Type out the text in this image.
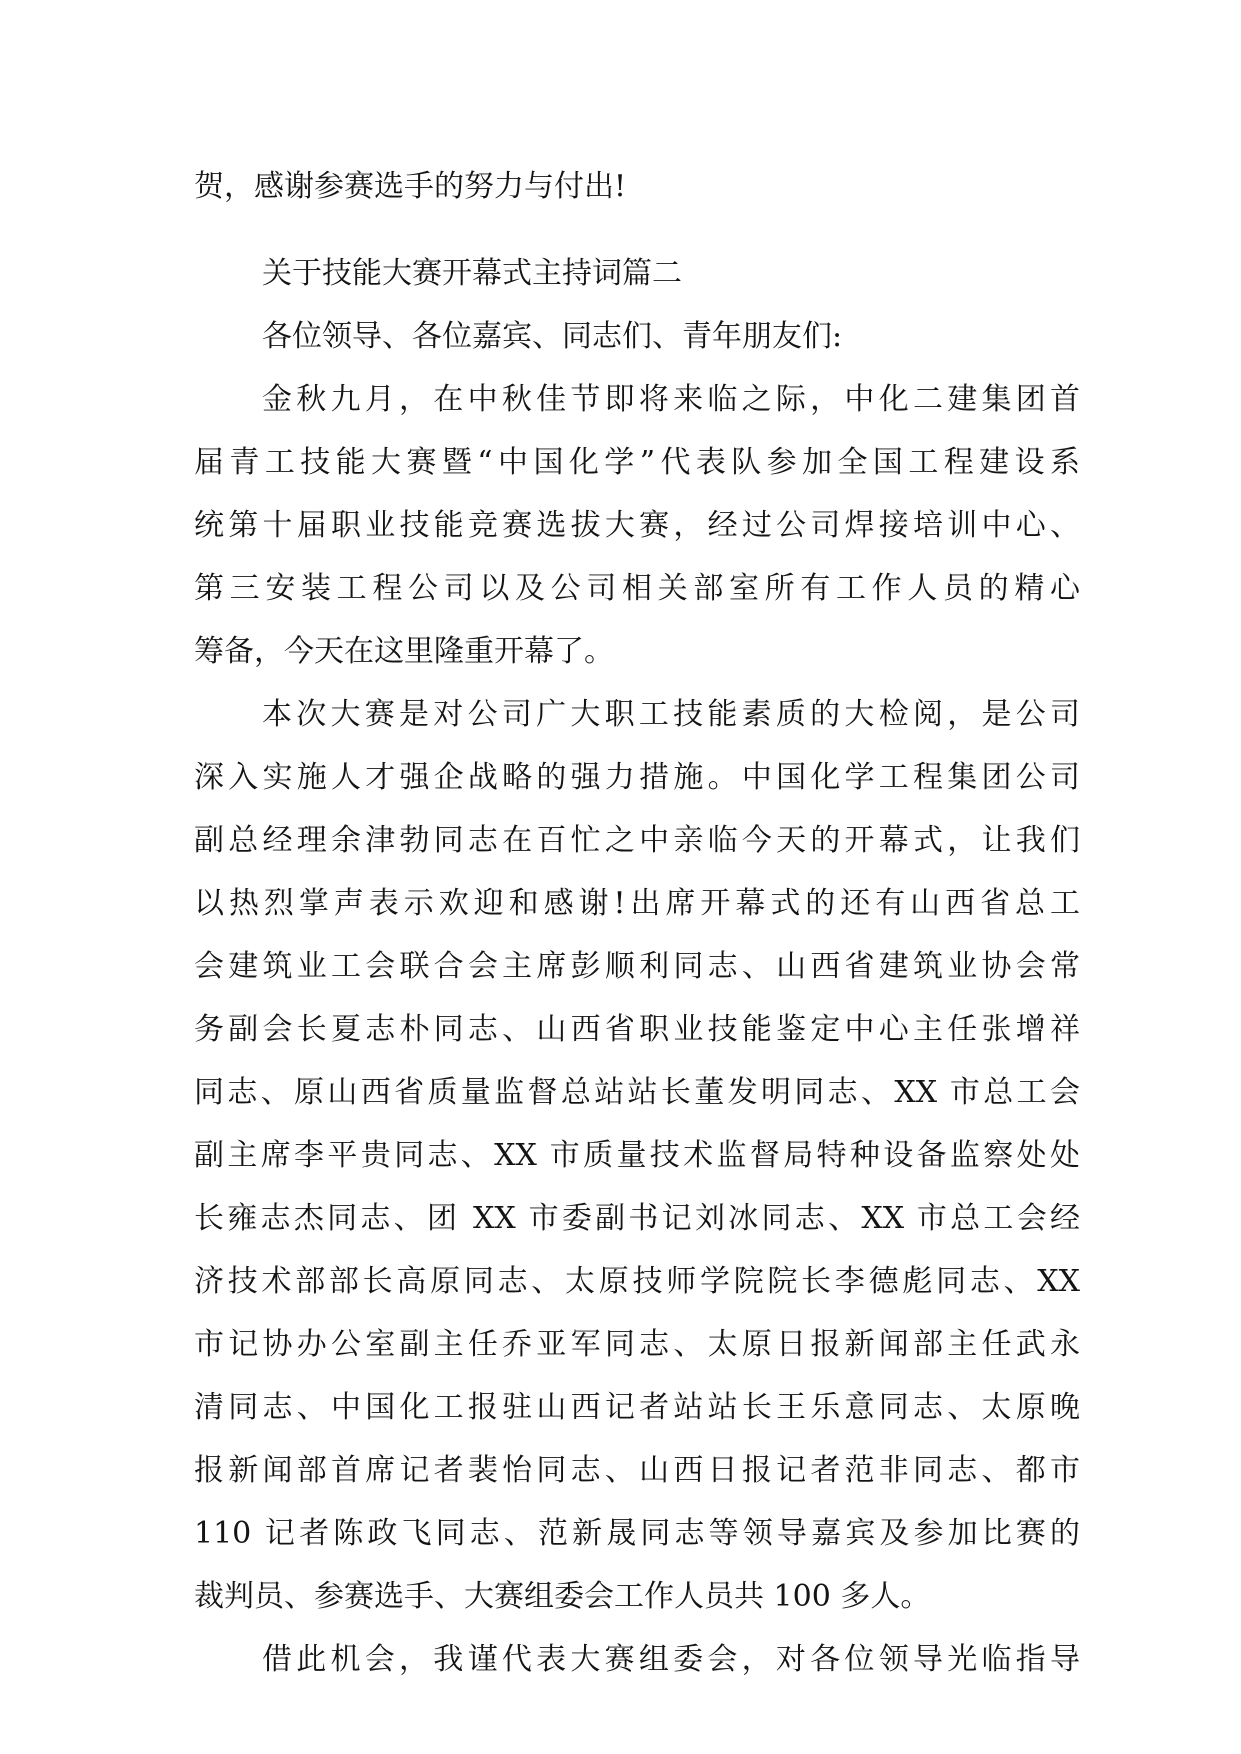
贺，感谢参赛选手的努力与付出!
关于技能大赛开幕式主持词篇二
各位领导、各位嘉宾、同志们、青年朋友们:
金秋九月，在中秋佳节即将来临之际，中化二建集团首
届青工技能大赛暨“中国化学”代表队参加全国工程建设系
统第十届职业技能竞赛选拔大赛，经过公司焊接培训中心、
第三安装工程公司以及公司相关部室所有工作人员的精心
筹备，今天在这里隆重开幕了。
本次大赛是对公司广大职工技能素质的大检阅，是公司
深入实施人才强企战略的强力措施。中国化学工程集团公司
副总经理余津勃同志在百忙之中亲临今天的开幕式，让我们
以热烈掌声表示欢迎和感谢!出席开幕式的还有山西省总工
会建筑业工会联合会主席彭顺利同志、山西省建筑业协会常
务副会长夏志朴同志、山西省职业技能鉴定中心主任张增祥
同志、原山西省质量监督总站站长董发明同志、XX 市总工会
副主席李平贵同志、XX 市质量技术监督局特种设备监察处处
长雍志杰同志、团 XX 市委副书记刘冰同志、XX 市总工会经
济技术部部长高原同志、太原技师学院院长李德彪同志、XX
市记协办公室副主任乔亚军同志、太原日报新闻部主任武永
清同志、中国化工报驻山西记者站站长王乐意同志、太原晚
报新闻部首席记者裴怡同志、山西日报记者范非同志、都市
110 记者陈政飞同志、范新晟同志等领导嘉宾及参加比赛的
裁判员、参赛选手、大赛组委会工作人员共 100 多人。
借此机会，我谨代表大赛组委会，对各位领导光临指导
